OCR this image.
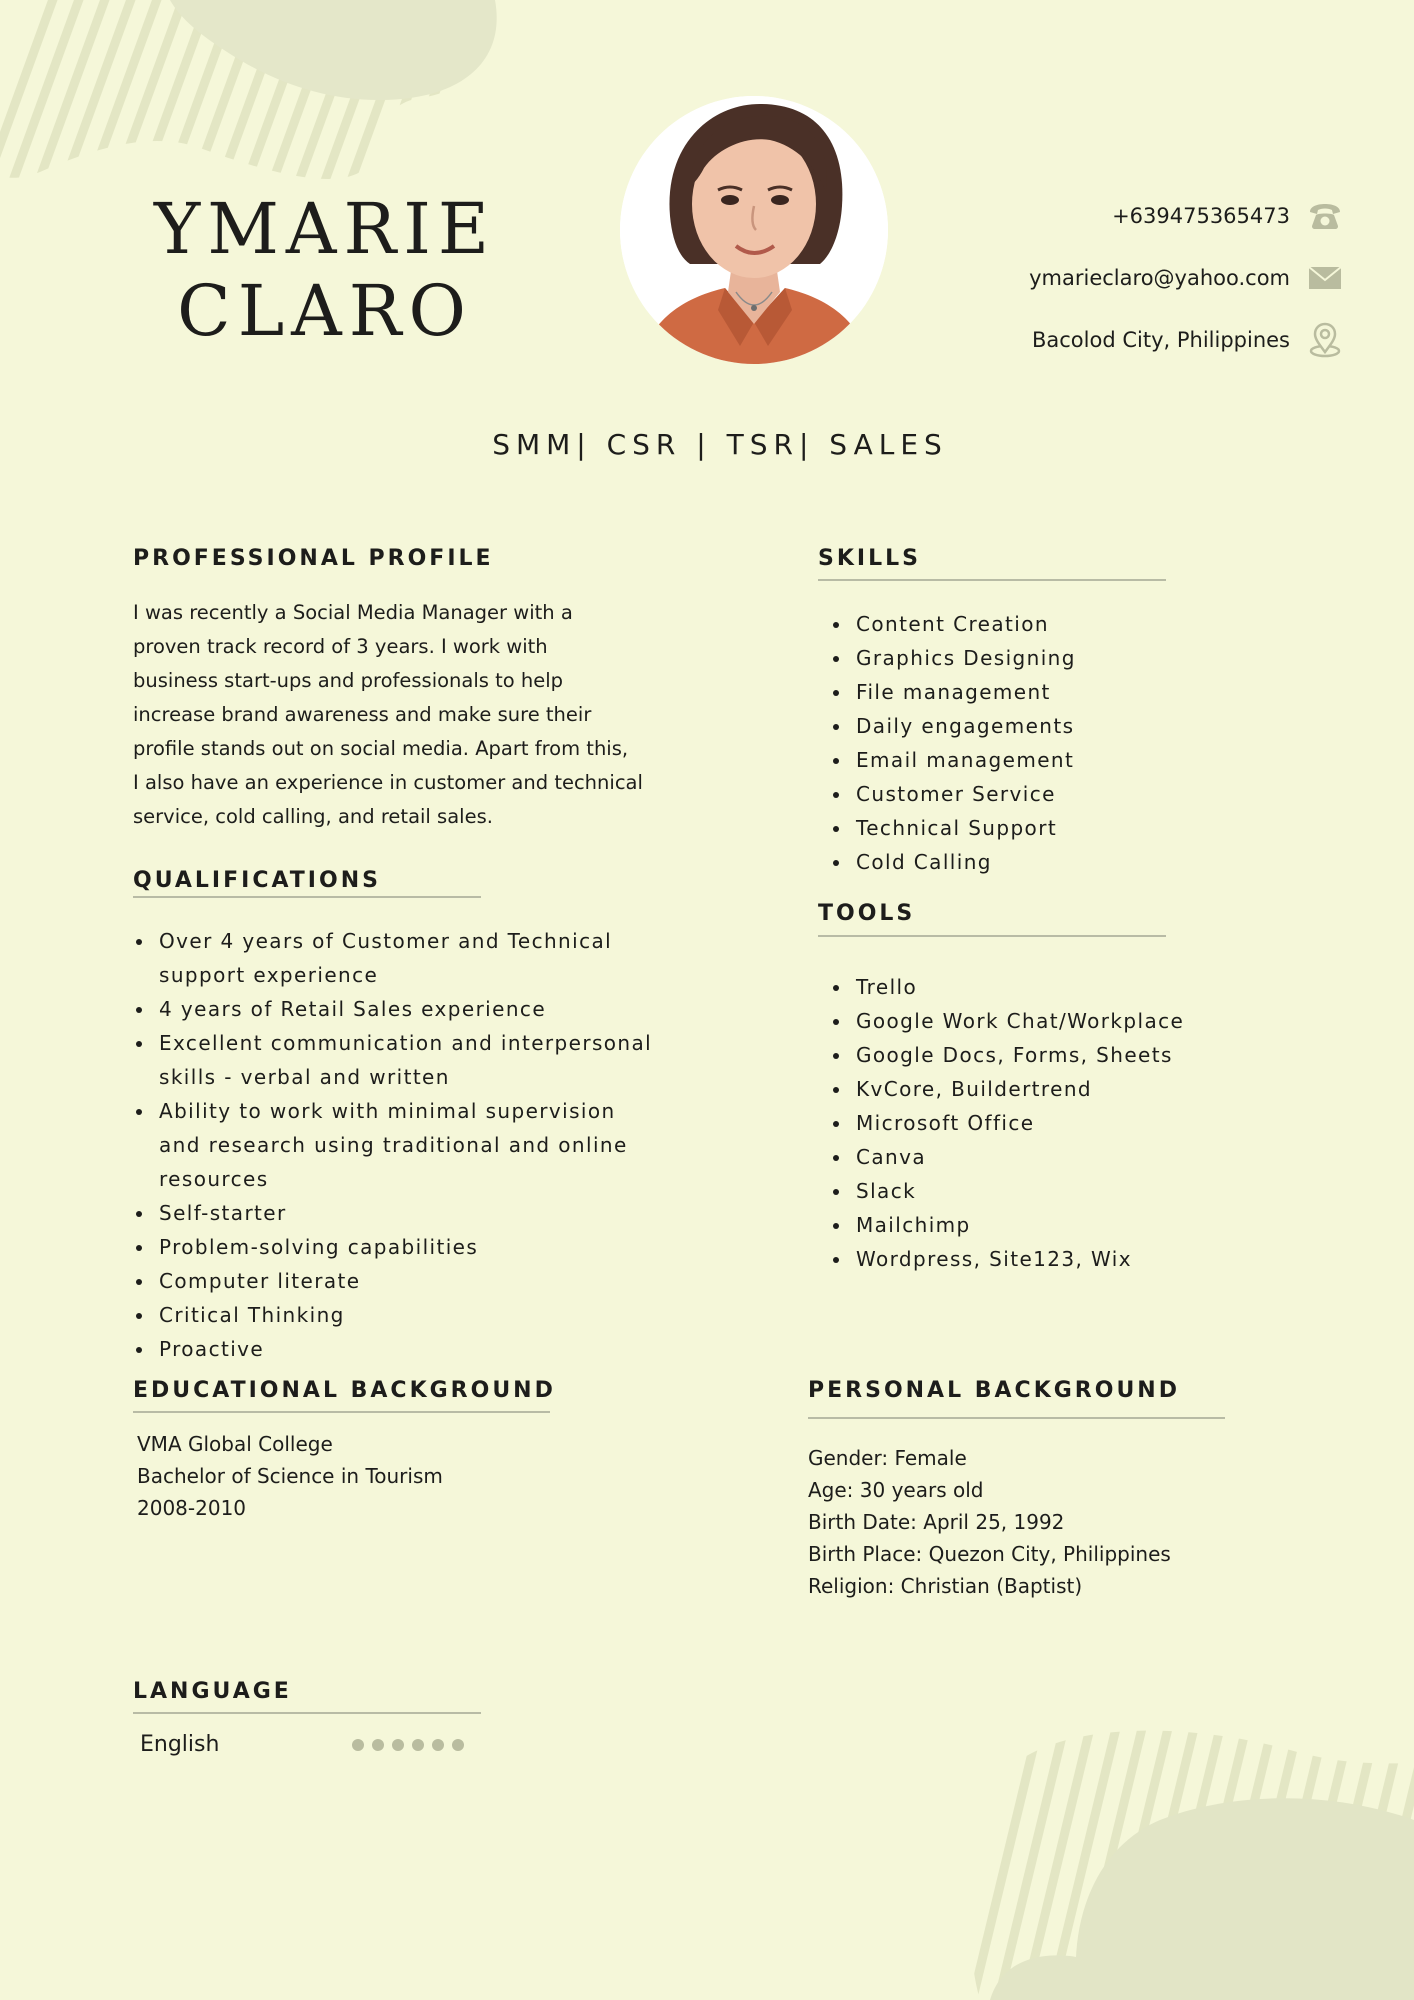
YMARIE
CLARO
+639475365473
ymarieclaro@yahoo.com
Bacolod City, Philippines
SMM| CSR | TSR| SALES
PROFESSIONAL PROFILE
I was recently a Social Media Manager with a
proven track record of 3 years. I work with
business start-ups and professionals to help
increase brand awareness and make sure their
profile stands out on social media. Apart from this,
I also have an experience in customer and technical
service, cold calling, and retail sales.
QUALIFICATIONS
Over 4 years of Customer and Technical support experience
4 years of Retail Sales experience
Excellent communication and interpersonal skills - verbal and written
Ability to work with minimal supervision and research using traditional and online resources
Self-starter
Problem-solving capabilities
Computer literate
Critical Thinking
Proactive
SKILLS
Content Creation
Graphics Designing
File management
Daily engagements
Email management
Customer Service
Technical Support
Cold Calling
TOOLS
Trello
Google Work Chat/Workplace
Google Docs, Forms, Sheets
KvCore, Buildertrend
Microsoft Office
Canva
Slack
Mailchimp
Wordpress, Site123, Wix
EDUCATIONAL BACKGROUND
VMA Global College
Bachelor of Science in Tourism
2008-2010
PERSONAL BACKGROUND
Gender: Female
Age: 30 years old
Birth Date: April 25, 1992
Birth Place: Quezon City, Philippines
Religion: Christian (Baptist)
LANGUAGE
English
